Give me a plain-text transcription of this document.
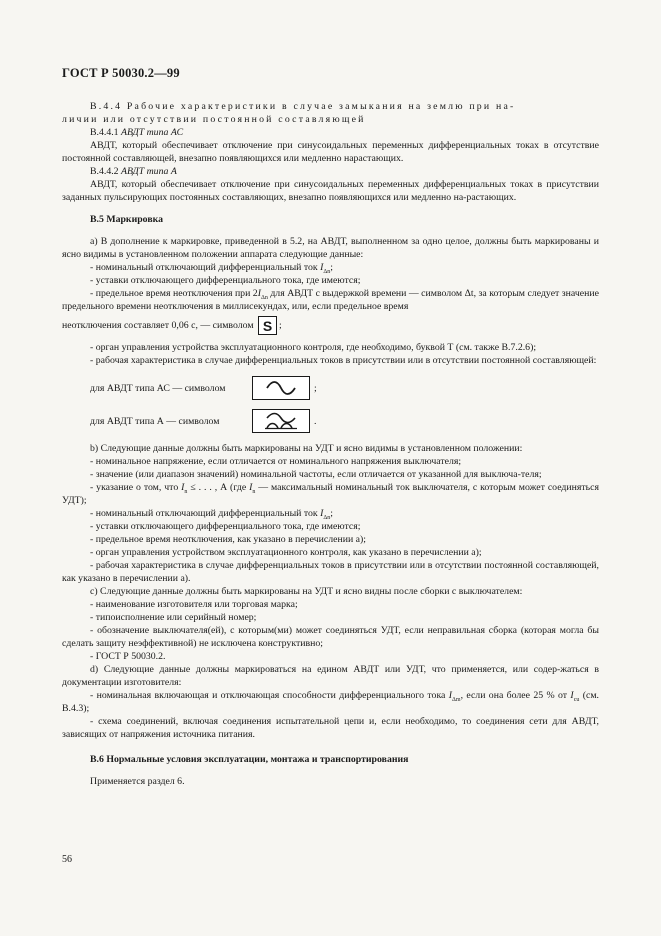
ГОСТ Р 50030.2—99

В.4.4 Рабочие характеристики в случае замыкания на землю при на-

личии или отсутствии постоянной составляющей

В.4.4.1 АВДТ типа АС

АВДТ, который обеспечивает отключение при синусоидальных переменных дифференциальных токах в отсутствие постоянной составляющей, внезапно появляющихся или медленно нарастающих.

В.4.4.2 АВДТ типа А

АВДТ, который обеспечивает отключение при синусоидальных переменных дифференциальных токах в присутствии заданных пульсирующих постоянных составляющих, внезапно появляющихся или медленно на-растающих.

В.5 Маркировка

а) В дополнение к маркировке, приведенной в 5.2, на АВДТ, выполненном за одно целое, должны быть маркированы и ясно видимы в установленном положении аппарата следующие данные:

- номинальный отключающий дифференциальный ток $I_{\Delta n}$;

- уставки отключающего дифференциального тока, где имеются;

- предельное время неотключения при $2I_{\Delta n}$ для АВДТ с выдержкой времени — символом Δt, за которым следует значение предельного времени неотключения в миллисекундах, или, если предельное время

неотключения составляет 0,06 с, — символом S ;

- орган управления устройства эксплуатационного контроля, где необходимо, буквой Т (см. также В.7.2.6);

- рабочая характеристика в случае дифференциальных токов в присутствии или в отсутствии постоянной составляющей:

для АВДТ типа АС — символом	;
для АВДТ типа А — символом	.

b) Следующие данные должны быть маркированы на УДТ и ясно видимы в установленном положении:

- номинальное напряжение, если отличается от номинального напряжения выключателя;

- значение (или диапазон значений) номинальной частоты, если отличается от указанной для выключа-теля;

- указание о том, что $I_n$ ≤ . . . , А (где $I_n$ — максимальный номинальный ток выключателя, с которым может соединяться УДТ);

- номинальный отключающий дифференциальный ток $I_{\Delta n}$;

- уставки отключающего дифференциального тока, где имеются;

- предельное время неотключения, как указано в перечислении а);

- орган управления устройством эксплуатационного контроля, как указано в перечислении а);

- рабочая характеристика в случае дифференциальных токов в присутствии или в отсутствии постоянной составляющей, как указано в перечислении а).

с) Следующие данные должны быть маркированы на УДТ и ясно видны после сборки с выключателем:

- наименование изготовителя или торговая марка;

- типоисполнение или серийный номер;

- обозначение выключателя(ей), с которым(ми) может соединяться УДТ, если неправильная сборка (которая могла бы сделать защиту неэффективной) не исключена конструктивно;

- ГОСТ Р 50030.2.

d) Следующие данные должны маркироваться на едином АВДТ или УДТ, что применяется, или содер-жаться в документации изготовителя:

- номинальная включающая и отключающая способности дифференциального тока $I_{\Delta m}$, если она более 25 % от $I_{cu}$ (см. В.4.3);

- схема соединений, включая соединения испытательной цепи и, если необходимо, то соединения сети для АВДТ, зависящих от напряжения источника питания.

В.6 Нормальные условия эксплуатации, монтажа и транспортирования

Применяется раздел 6.

56
